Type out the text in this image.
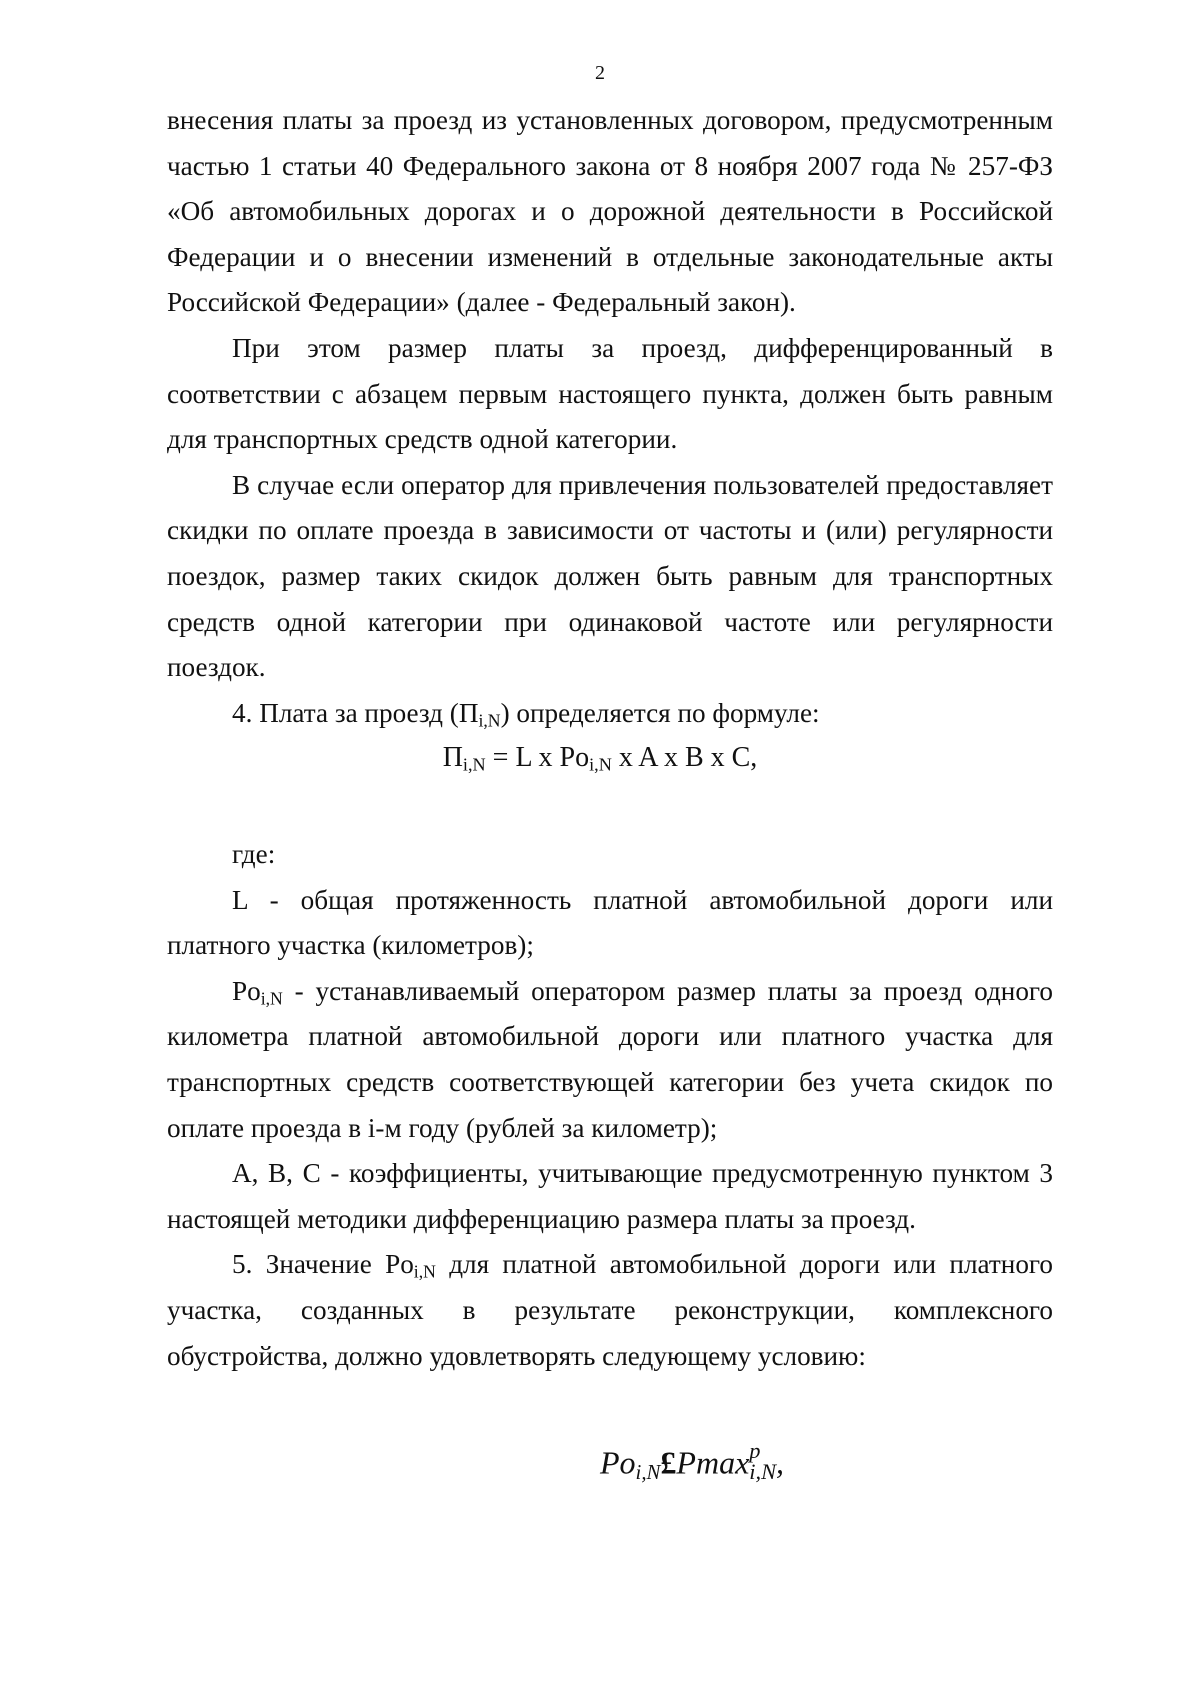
2

внесения платы за проезд из установленных договором, предусмотренным частью 1 статьи 40 Федерального закона от 8 ноября 2007 года № 257-ФЗ «Об автомобильных дорогах и о дорожной деятельности в Российской Федерации и о внесении изменений в отдельные законодательные акты Российской Федерации» (далее - Федеральный закон).

При этом размер платы за проезд, дифференцированный в соответствии с абзацем первым настоящего пункта, должен быть равным для транспортных средств одной категории.

В случае если оператор для привлечения пользователей предоставляет скидки по оплате проезда в зависимости от частоты и (или) регулярности поездок, размер таких скидок должен быть равным для транспортных средств одной категории при одинаковой частоте или регулярности поездок.

4. Плата за проезд $(П_{i,N})$ определяется по формуле:

$П_{i,N} = L$ x $Po_{i,N}$ x A x B x C,

где:

L - общая протяженность платной автомобильной дороги или платного участка (километров);

$Po_{i,N}$ - устанавливаемый оператором размер платы за проезд одного километра платной автомобильной дороги или платного участка для транспортных средств соответствующей категории без учета скидок по оплате проезда в i-м году (рублей за километр);

A, B, C - коэффициенты, учитывающие предусмотренную пунктом 3 настоящей методики дифференциацию размера платы за проезд.

5. Значение $Po_{i,N}$ для платной автомобильной дороги или платного участка, созданных в результате реконструкции, комплексного обустройства, должно удовлетворять следующему условию:

$Po_{i,N}£Pmax$ p
i,N ,
